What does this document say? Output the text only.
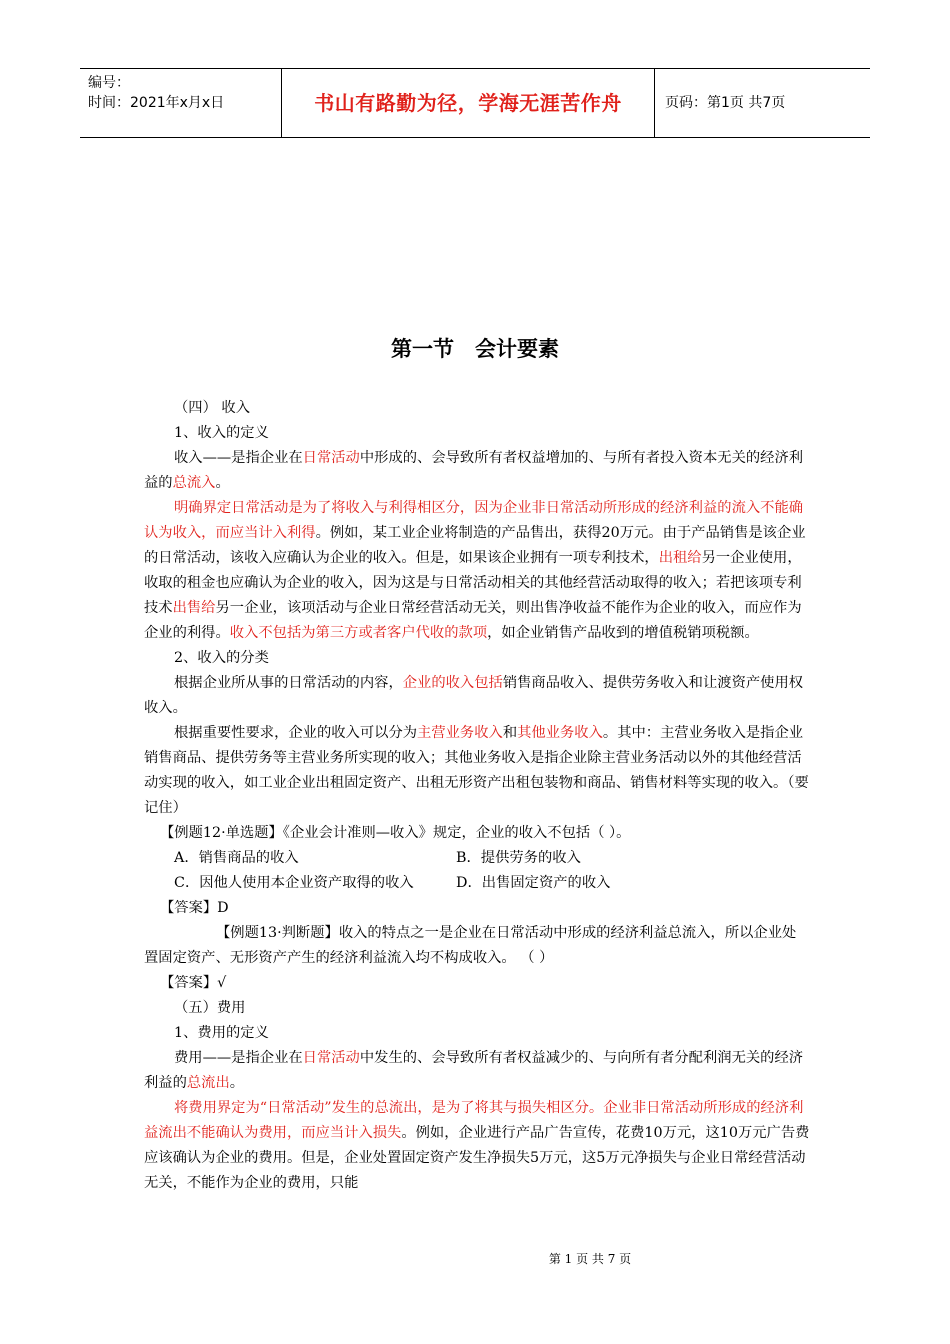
编号：
时间：2021年x月x日	书山有路勤为径，学海无涯苦作舟	页码：第1页 共7页
第一节　会计要素

（四） 收入

1、收入的定义

收入——是指企业在日常活动中形成的、会导致所有者权益增加的、与所有者投入资本无关的经济利益的总流入。

明确界定日常活动是为了将收入与利得相区分，因为企业非日常活动所形成的经济利益的流入不能确认为收入，而应当计入利得。例如，某工业企业将制造的产品售出，获得20万元。由于产品销售是该企业的日常活动，该收入应确认为企业的收入。但是，如果该企业拥有一项专利技术，出租给另一企业使用，收取的租金也应确认为企业的收入，因为这是与日常活动相关的其他经营活动取得的收入；若把该项专利技术出售给另一企业，该项活动与企业日常经营活动无关，则出售净收益不能作为企业的收入，而应作为企业的利得。收入不包括为第三方或者客户代收的款项，如企业销售产品收到的增值税销项税额。

2、收入的分类

根据企业所从事的日常活动的内容，企业的收入包括销售商品收入、提供劳务收入和让渡资产使用权收入。

根据重要性要求，企业的收入可以分为主营业务收入和其他业务收入。其中：主营业务收入是指企业销售商品、提供劳务等主营业务所实现的收入；其他业务收入是指企业除主营业务活动以外的其他经营活动实现的收入，如工业企业出租固定资产、出租无形资产出租包装物和商品、销售材料等实现的收入。（要记住）

【例题12·单选题】《企业会计准则—收入》规定，企业的收入不包括（ ）。

A．销售商品的收入	B．提供劳务的收入
C．因他人使用本企业资产取得的收入	D．出售固定资产的收入

【答案】D

【例题13·判断题】收入的特点之一是企业在日常活动中形成的经济利益总流入，所以企业处置固定资产、无形资产产生的经济利益流入均不构成收入。 （ ）

【答案】√

（五）费用

1、费用的定义

费用——是指企业在日常活动中发生的、会导致所有者权益减少的、与向所有者分配利润无关的经济利益的总流出。

将费用界定为“日常活动”发生的总流出，是为了将其与损失相区分。企业非日常活动所形成的经济利益流出不能确认为费用，而应当计入损失。例如，企业进行产品广告宣传，花费10万元，这10万元广告费应该确认为企业的费用。但是，企业处置固定资产发生净损失5万元，这5万元净损失与企业日常经营活动无关，不能作为企业的费用，只能

第 1 页 共 7 页
